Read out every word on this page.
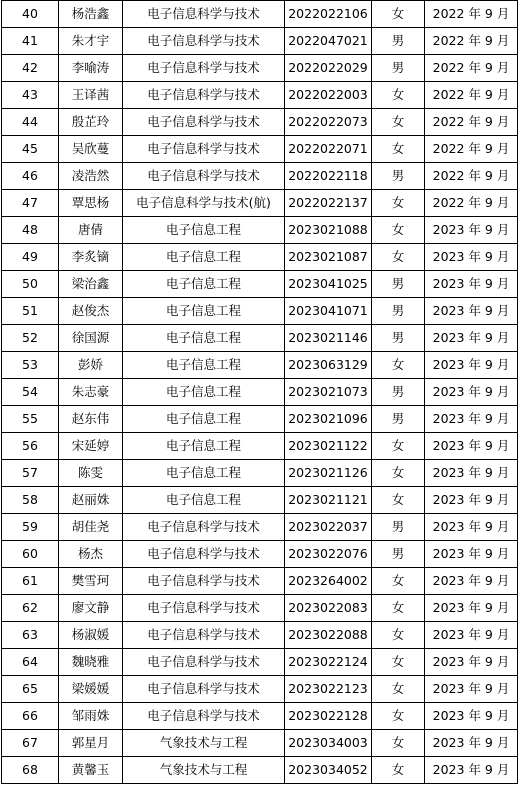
40	杨浩鑫	电子信息科学与技术	2022022106	女	2022 年 9 月
41	朱才宇	电子信息科学与技术	2022047021	男	2022 年 9 月
42	李喻涛	电子信息科学与技术	2022022029	男	2022 年 9 月
43	王译茜	电子信息科学与技术	2022022003	女	2022 年 9 月
44	殷芷玲	电子信息科学与技术	2022022073	女	2022 年 9 月
45	吴欣蔓	电子信息科学与技术	2022022071	女	2022 年 9 月
46	凌浩然	电子信息科学与技术	2022022118	男	2022 年 9 月
47	覃思杨	电子信息科学与技术(航)	2022022137	女	2022 年 9 月
48	唐倩	电子信息工程	2023021088	女	2023 年 9 月
49	李炙镝	电子信息工程	2023021087	女	2023 年 9 月
50	梁治鑫	电子信息工程	2023041025	男	2023 年 9 月
51	赵俊杰	电子信息工程	2023041071	男	2023 年 9 月
52	徐国源	电子信息工程	2023021146	男	2023 年 9 月
53	彭娇	电子信息工程	2023063129	女	2023 年 9 月
54	朱志豪	电子信息工程	2023021073	男	2023 年 9 月
55	赵东伟	电子信息工程	2023021096	男	2023 年 9 月
56	宋延婷	电子信息工程	2023021122	女	2023 年 9 月
57	陈雯	电子信息工程	2023021126	女	2023 年 9 月
58	赵丽姝	电子信息工程	2023021121	女	2023 年 9 月
59	胡佳尧	电子信息科学与技术	2023022037	男	2023 年 9 月
60	杨杰	电子信息科学与技术	2023022076	男	2023 年 9 月
61	樊雪珂	电子信息科学与技术	2023264002	女	2023 年 9 月
62	廖文静	电子信息科学与技术	2023022083	女	2023 年 9 月
63	杨淑媛	电子信息科学与技术	2023022088	女	2023 年 9 月
64	魏晓雅	电子信息科学与技术	2023022124	女	2023 年 9 月
65	梁媛媛	电子信息科学与技术	2023022123	女	2023 年 9 月
66	邹雨姝	电子信息科学与技术	2023022128	女	2023 年 9 月
67	郭星月	气象技术与工程	2023034003	女	2023 年 9 月
68	黄馨玉	气象技术与工程	2023034052	女	2023 年 9 月
